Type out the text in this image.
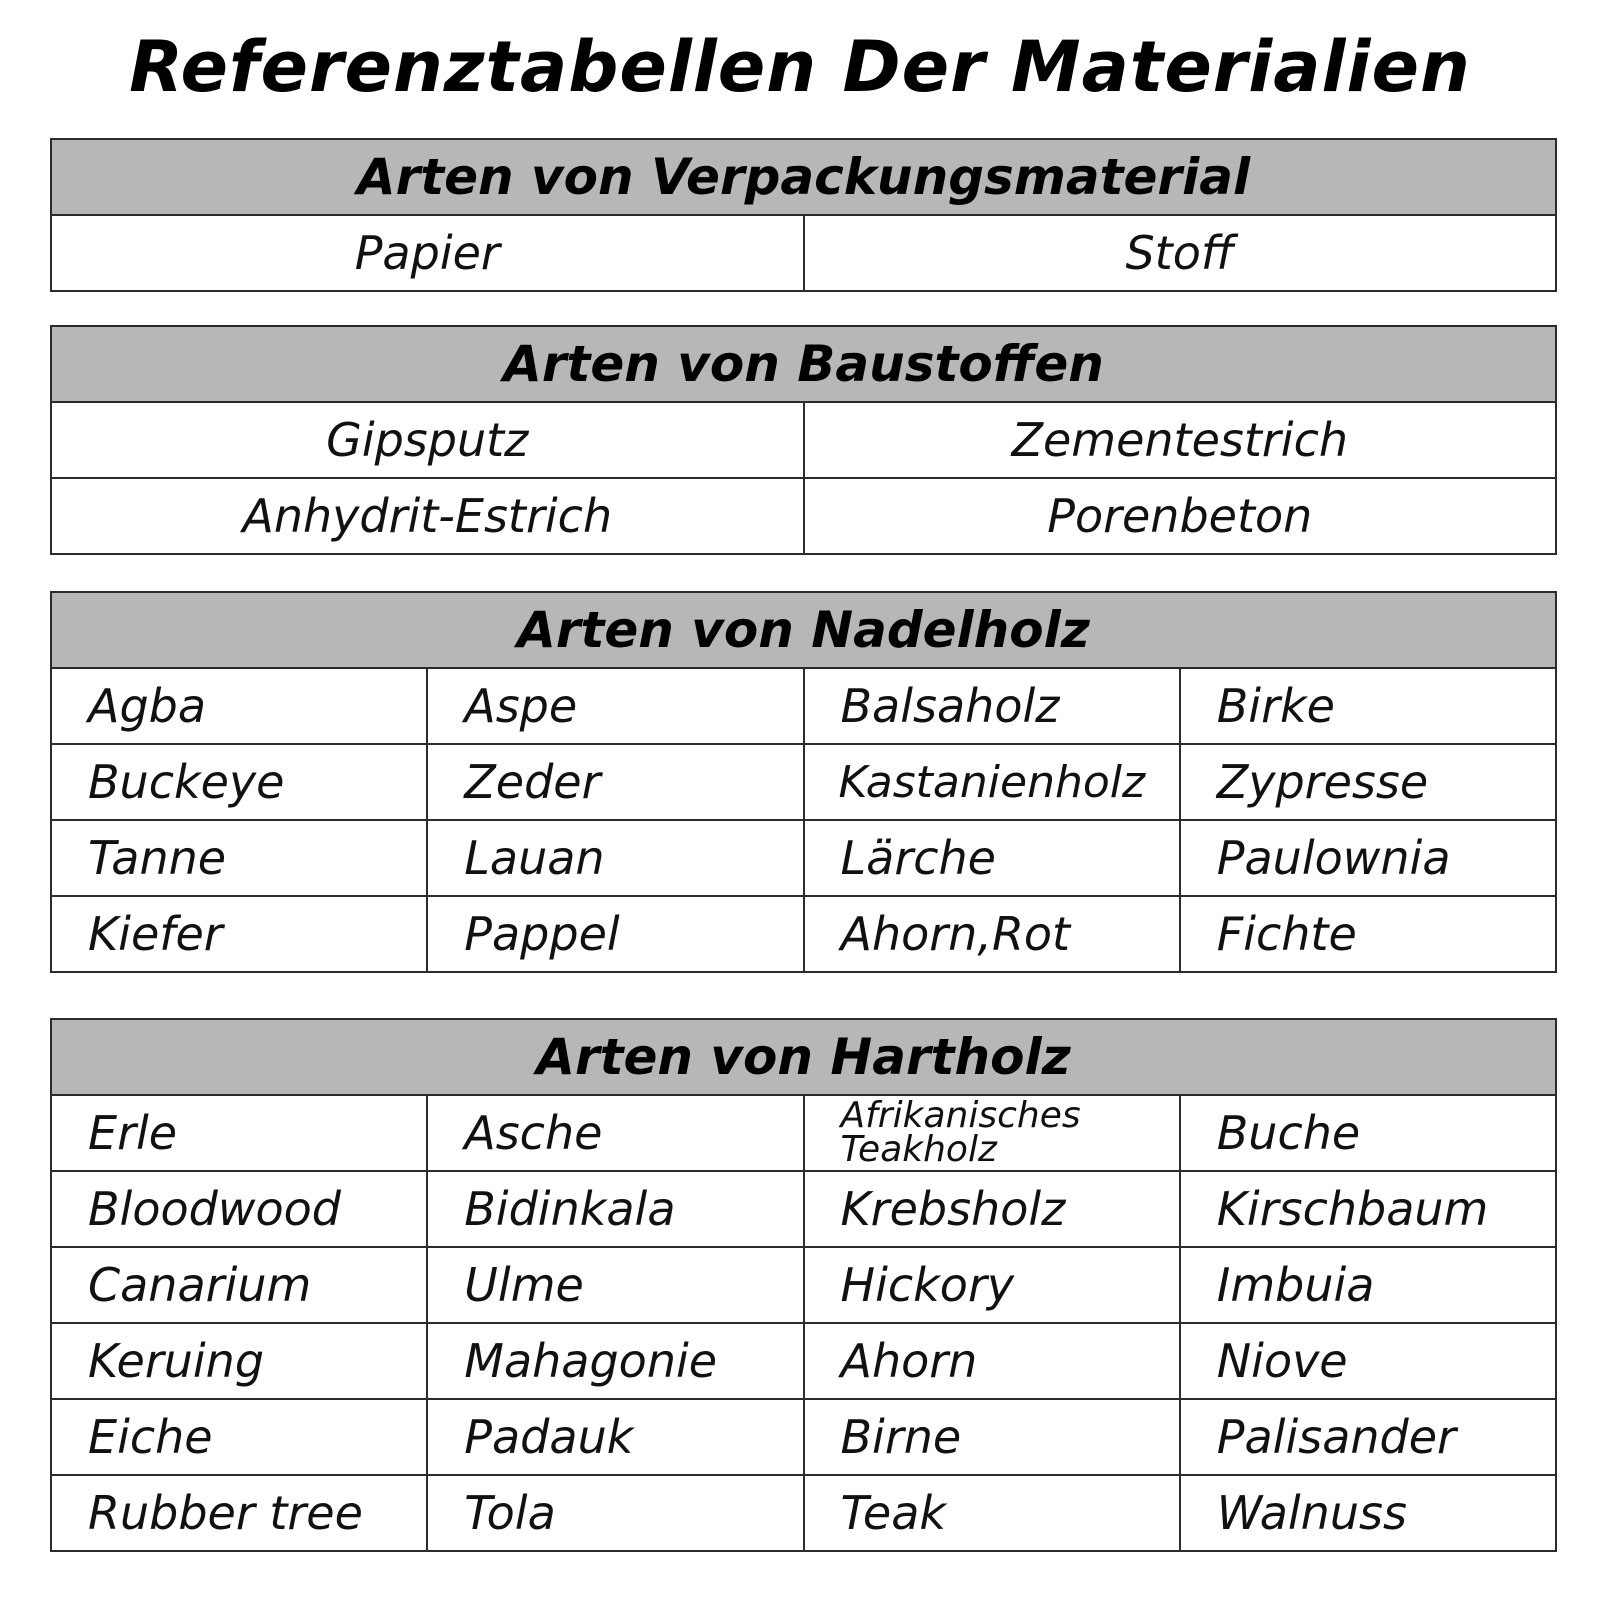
Referenztabellen Der Materialien
Arten von Verpackungsmaterial
Papier	Stoff
Arten von Baustoffen	
Gipsputz	Zementestrich
Anhydrit-Estrich	Porenbeton
Arten von Nadelholz			
Agba	Aspe	Balsaholz	Birke
Buckeye	Zeder	Kastanienholz	Zypresse
Tanne	Lauan	Lärche	Paulownia
Kiefer	Pappel	Ahorn,Rot	Fichte
Arten von Hartholz			
Erle	Asche	Afrikanisches Teakholz	Buche
Bloodwood	Bidinkala	Krebsholz	Kirschbaum
Canarium	Ulme	Hickory	Imbuia
Keruing	Mahagonie	Ahorn	Niove
Eiche	Padauk	Birne	Palisander
Rubber tree	Tola	Teak	Walnuss
